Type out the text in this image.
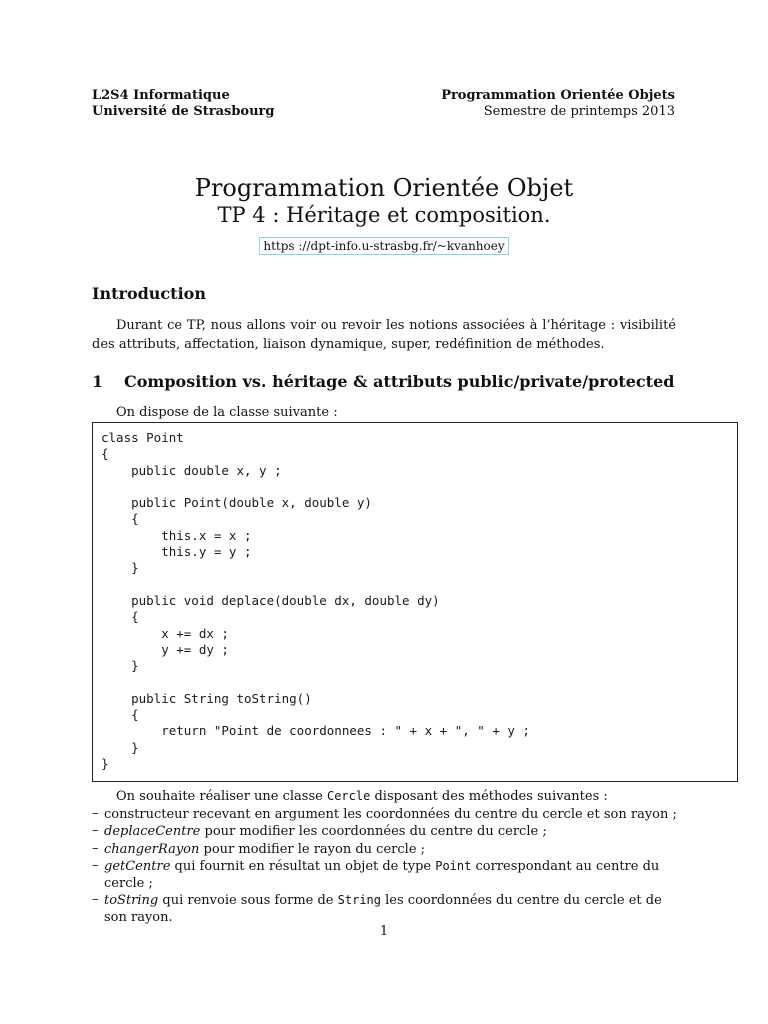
L2S4 Informatique
Université de Strasbourg
Programmation Orientée Objets
Semestre de printemps 2013
Programmation Orientée Objet
TP 4 : Héritage et composition.
https ://dpt-info.u-strasbg.fr/~kvanhoey
Introduction
Durant ce TP, nous allons voir ou revoir les notions associées à l’héritage : visibilité des attributs, affectation, liaison dynamique, super, redéfinition de méthodes.
1 Composition vs. héritage & attributs public/private/protected
On dispose de la classe suivante :
class Point
{
public double x, y ;

public Point(double x, double y)
{
this.x = x ;
this.y = y ;
}

public void deplace(double dx, double dy)
{
x += dx ;
y += dy ;
}

public String toString()
{
return "Point de coordonnees : " + x + ", " + y ;
}
}
On souhaite réaliser une classe Cercle disposant des méthodes suivantes :
– constructeur recevant en argument les coordonnées du centre du cercle et son rayon ;
– deplaceCentre pour modifier les coordonnées du centre du cercle ;
– changerRayon pour modifier le rayon du cercle ;
– getCentre qui fournit en résultat un objet de type Point correspondant au centre du cercle ;
– toString qui renvoie sous forme de String les coordonnées du centre du cercle et de son rayon.
1
